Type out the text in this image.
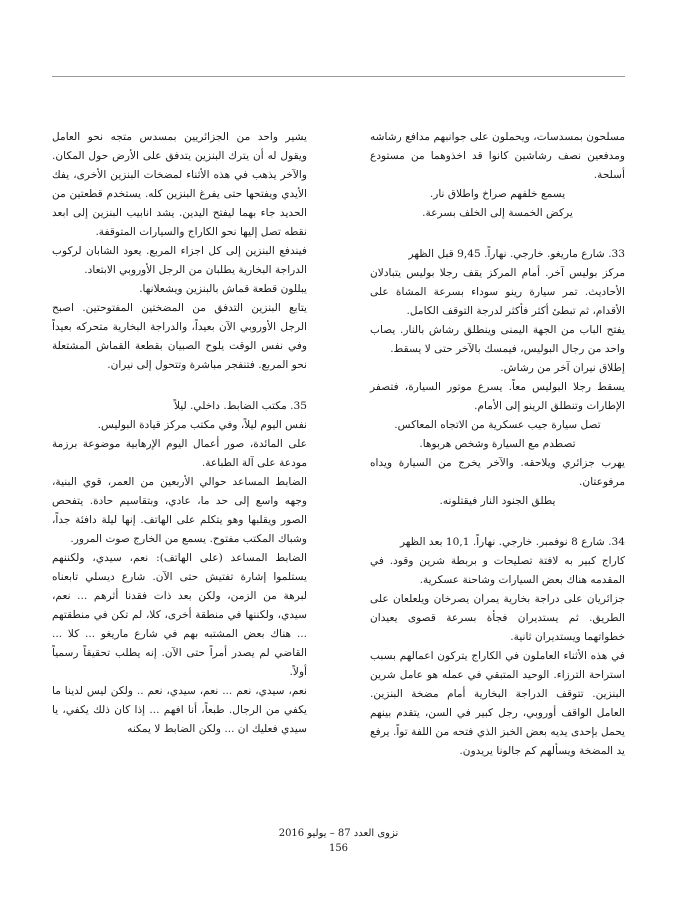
مسلحون بمسدسات، ويحملون على جوانبهم مدافع رشاشه ومدفعين نصف رشاشين كانوا قد اخذوهما من مستودع أسلحة.

يسمع خلفهم صراخ واطلاق نار.

يركض الخمسة إلى الخلف بسرعة.

33. شارع ماريغو. خارجي. نهاراً. 9,45 قبل الظهر

مركز بوليس آخر. أمام المركز يقف رجلا بوليس يتبادلان الأحاديث. تمر سيارة رينو سوداء بسرعة المشاة على الأقدام، ثم تبطئ أكثر فأكثر لدرجة التوقف الكامل.

يفتح الباب من الجهة اليمنى وينطلق رشاش بالنار. يصاب واحد من رجال البوليس، فيمسك بالآخر حتى لا يسقط.

إطلاق نيران آخر من رشاش.

يسقط رجلا البوليس معاً. يسرع موتور السيارة، فتصفر الإطارات وتنطلق الرينو إلى الأمام.

تصل سيارة جيب عسكرية من الاتجاه المعاكس.

تصطدم مع السيارة وشخص هربوها.

يهرب جزائري ويلاحقه. والآخر يخرج من السيارة ويداه مرفوعتان.

يطلق الجنود النار فيقتلونه.

34. شارع 8 نوفمبر. خارجي. نهاراً. 10,1 بعد الظهر

كاراج كبير به لافتة تصليحات و بربطة شرين وقود. في المقدمه هناك بعض السيارات وشاحنة عسكرية.

جزائريان على دراجة بخارية يمران يصرخان ويلعلعان على الطريق. ثم يستديران فجأة بسرعة قصوى يعيدان خطواتهما ويستديران ثانية.

في هذه الأثناء العاملون في الكاراج يتركون اعمالهم بسبب استراحة الترزاء. الوحيد المتبقي في عمله هو عامل شرين البنزين. تتوقف الدراجة البخارية أمام مضخة البنزين. العامل الواقف أوروبي، رجل كبير في السن، يتقدم بينهم يحمل بإحدى يديه بعض الخبز الذي فتحه من اللفة تواً. يرفع يد المضخة ويسألهم كم جالونا يريدون.

يشير واحد من الجزائريين بمسدس متجه نحو العامل ويقول له أن يترك البنزين يتدفق على الأرض حول المكان. والآخر يذهب في هذه الأثناء لمضخات البنزين الأخرى، يفك الأيدي ويفتحها حتى يفرغ البنزين كله. يستخدم قطعتين من الحديد جاء بهما ليفتح اليدين. يشد انابيب البنزين إلى ابعد نقطه تصل إليها نحو الكاراج والسيارات المتوقفة.

فيندفع البنزين إلى كل اجزاء المربع. يعود الشابان لركوب الدراجة البخارية يطلبان من الرجل الأوروبي الابتعاد.

يبللون قطعة قماش بالبنزين ويشعلانها.

يتابع البنزين التدفق من المضختين المفتوحتين. اصبح الرجل الأوروبي الآن بعيداً، والدراجة البخارية متحركه بعيداً وفي نفس الوقت يلوح الصبيان بقطعة القماش المشتعلة نحو المربع. فتنفجر مباشرة وتتحول إلى نيران.

35. مكتب الضابط. داخلي. ليلاً

نفس اليوم ليلاً، وفي مكتب مركز قيادة البوليس.

على المائدة، صور أعمال اليوم الإرهابية موضوعة برزمة مودعة على آلة الطباعة.

الضابط المساعد حوالي الأربعين من العمر، قوي البنية، وجهه واسع إلى حد ما، عادي، وبتقاسيم حادة. يتفحص الصور ويقلبها وهو يتكلم على الهاتف. إنها ليلة دافئة جداً، وشباك المكتب مفتوح. يسمع من الخارج صوت المرور.

الضابط المساعد (على الهاتف): نعم، سيدي، ولكننهم يستلموا إشارة تفتيش حتى الآن. شارع ديسلي تابعناه لبرهة من الزمن، ولكن بعد ذات فقدنا أثرهم ... نعم، سيدي، ولكننها في منطقة أخرى، كلا، لم تكن في منطقتهم ... هناك بعض المشتبه بهم في شارع ماريغو ... كلا ... القاضي لم يصدر أمراً حتى الآن. إنه يطلب تحقيقاً رسمياً أولاً.

نعم، سيدي، نعم ... نعم، سيدي، نعم .. ولكن ليس لدينا ما يكفي من الرجال. طبعاً، أنا افهم ... إذا كان ذلك يكفي، يا سيدي فعليك ان ... ولكن الضابط لا يمكنه

نزوى العدد 87 – يوليو 2016
156
